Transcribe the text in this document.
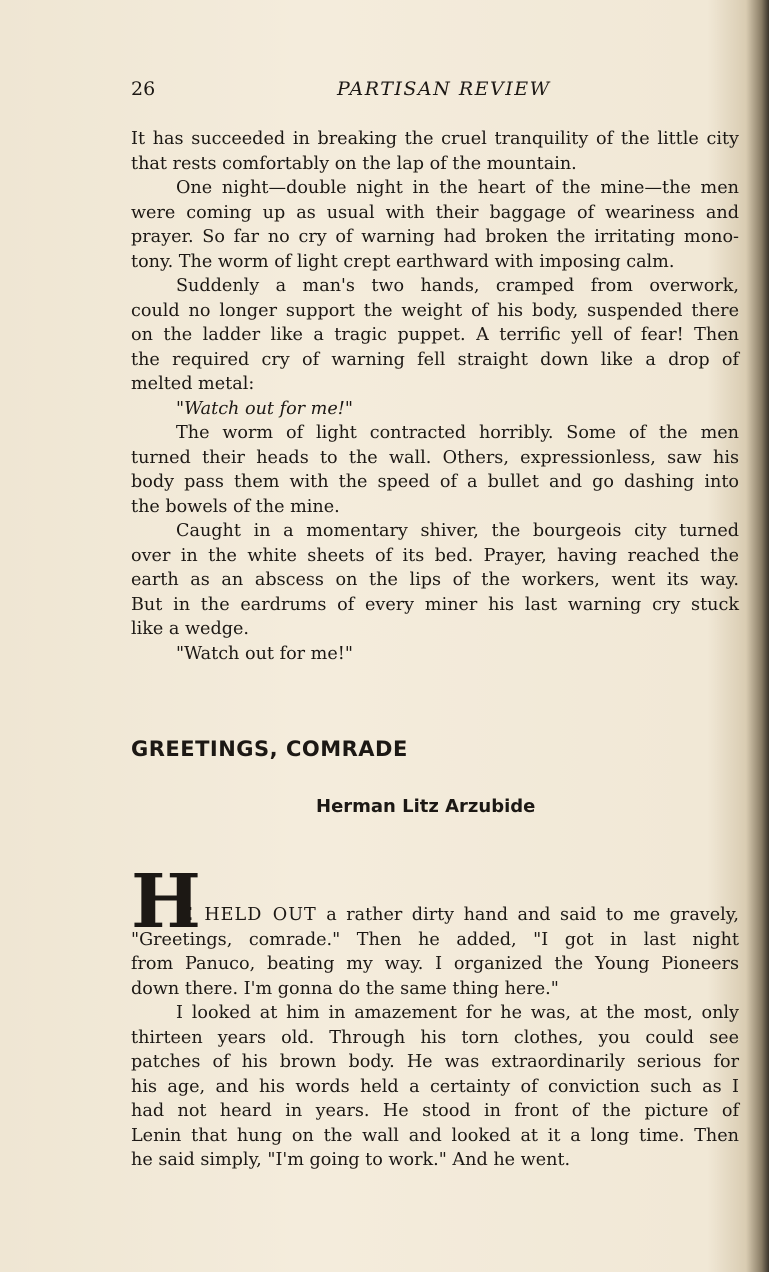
26	PARTISAN REVIEW
It has succeeded in breaking the cruel tranquility of the little city
that rests comfortably on the lap of the mountain.
One night—double night in the heart of the mine—the men
were coming up as usual with their baggage of weariness and
prayer. So far no cry of warning had broken the irritating mono-
tony. The worm of light crept earthward with imposing calm.
Suddenly a man's two hands, cramped from overwork,
could no longer support the weight of his body, suspended there
on the ladder like a tragic puppet. A terrific yell of fear! Then
the required cry of warning fell straight down like a drop of
melted metal:
"Watch out for me!"
The worm of light contracted horribly. Some of the men
turned their heads to the wall. Others, expressionless, saw his
body pass them with the speed of a bullet and go dashing into
the bowels of the mine.
Caught in a momentary shiver, the bourgeois city turned
over in the white sheets of its bed. Prayer, having reached the
earth as an abscess on the lips of the workers, went its way.
But in the eardrums of every miner his last warning cry stuck
like a wedge.
"Watch out for me!"
GREETINGS, COMRADE
Herman Litz Arzubide
H
E HELD OUT a rather dirty hand and said to me gravely,
"Greetings, comrade." Then he added, "I got in last night
from Panuco, beating my way. I organized the Young Pioneers
down there. I'm gonna do the same thing here."
I looked at him in amazement for he was, at the most, only
thirteen years old. Through his torn clothes, you could see
patches of his brown body. He was extraordinarily serious for
his age, and his words held a certainty of conviction such as I
had not heard in years. He stood in front of the picture of
Lenin that hung on the wall and looked at it a long time. Then
he said simply, "I'm going to work." And he went.
